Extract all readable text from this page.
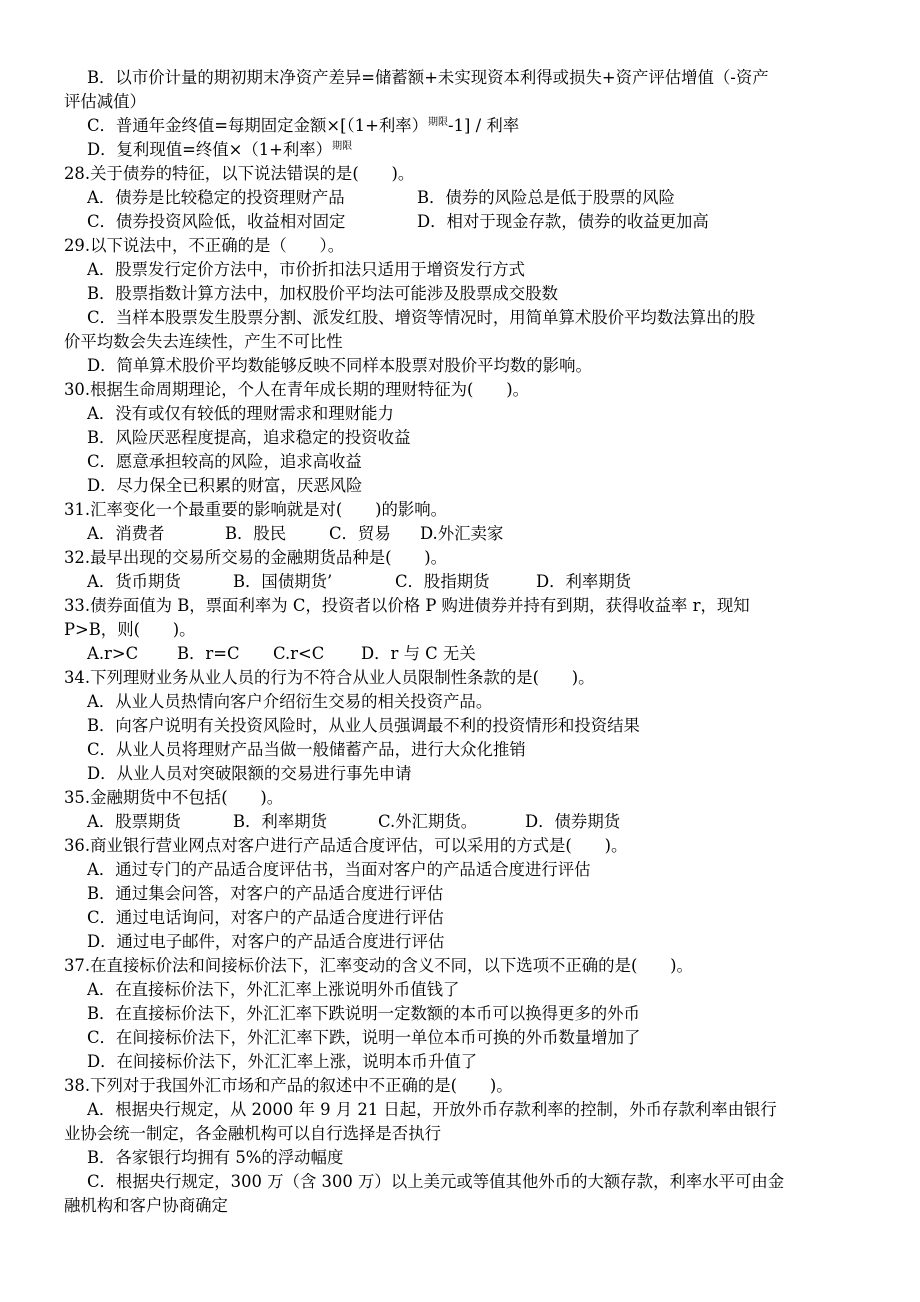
B．以市价计量的期初期末净资产差异=储蓄额+未实现资本利得或损失+资产评估增值（-资产
评估减值）
C．普通年金终值=每期固定金额×[（1+利率）$^{期限}$-1] / 利率
D．复利现值=终值×（1+利率）$^{期限}$
28.关于债券的特征，以下说法错误的是(　　)。
A．债券是比较稳定的投资理财产品	B．债券的风险总是低于股票的风险
C．债券投资风险低，收益相对固定	D．相对于现金存款，债券的收益更加高
29.以下说法中，不正确的是（　　）。
A．股票发行定价方法中，市价折扣法只适用于增资发行方式
B．股票指数计算方法中，加权股价平均法可能涉及股票成交股数
C．当样本股票发生股票分割、派发红股、增资等情况时，用简单算术股价平均数法算出的股
价平均数会失去连续性，产生不可比性
D．简单算术股价平均数能够反映不同样本股票对股价平均数的影响。
30.根据生命周期理论，个人在青年成长期的理财特征为(　　)。
A．没有或仅有较低的理财需求和理财能力
B．风险厌恶程度提高，追求稳定的投资收益
C．愿意承担较高的风险，追求高收益
D．尽力保全已积累的财富，厌恶风险
31.汇率变化一个最重要的影响就是对(　　)的影响。
A．消费者	B．股民	C．贸易 D.外汇卖家
32.最早出现的交易所交易的金融期货品种是(　　)。
A．货币期货	B．国债期货’	C．股指期货	D．利率期货
33.债券面值为 B，票面利率为 C，投资者以价格 P 购进债券并持有到期，获得收益率 r，现知
P>B，则(　　)。
A.r>C B．r=C C.r<C D．r 与 C 无关
34.下列理财业务从业人员的行为不符合从业人员限制性条款的是(　　)。
A．从业人员热情向客户介绍衍生交易的相关投资产品。
B．向客户说明有关投资风险时，从业人员强调最不利的投资情形和投资结果
C．从业人员将理财产品当做一般储蓄产品，进行大众化推销
D．从业人员对突破限额的交易进行事先申请
35.金融期货中不包括(　　)。
A．股票期货	B．利率期货	C.外汇期货。	D．债券期货
36.商业银行营业网点对客户进行产品适合度评估，可以采用的方式是(　　)。
A．通过专门的产品适合度评估书，当面对客户的产品适合度进行评估
B．通过集会问答，对客户的产品适合度进行评估
C．通过电话询问，对客户的产品适合度进行评估
D．通过电子邮件，对客户的产品适合度进行评估
37.在直接标价法和间接标价法下，汇率变动的含义不同，以下选项不正确的是(　　)。
A．在直接标价法下，外汇汇率上涨说明外币值钱了
B．在直接标价法下，外汇汇率下跌说明一定数额的本币可以换得更多的外币
C．在间接标价法下，外汇汇率下跌，说明一单位本币可换的外币数量增加了
D．在间接标价法下，外汇汇率上涨，说明本币升值了
38.下列对于我国外汇市场和产品的叙述中不正确的是(　　)。
A．根据央行规定，从 2000 年 9 月 21 日起，开放外币存款利率的控制，外币存款利率由银行
业协会统一制定，各金融机构可以自行选择是否执行
B．各家银行均拥有 5%的浮动幅度
C．根据央行规定，300 万（含 300 万）以上美元或等值其他外币的大额存款，利率水平可由金
融机构和客户协商确定
